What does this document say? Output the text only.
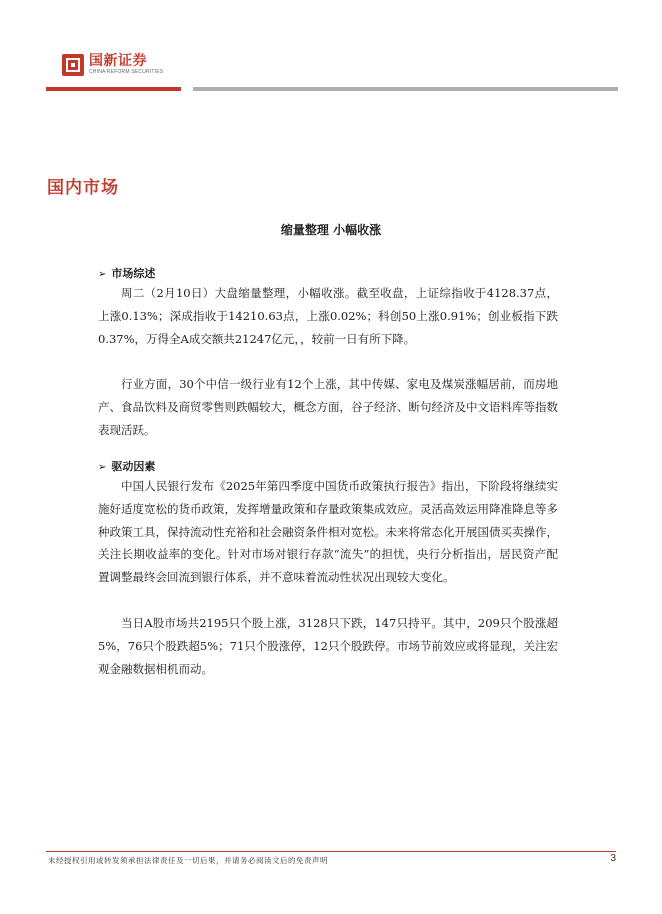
国新证券
CHINA REFORM SECURITIES
国内市场
缩量整理 小幅收涨
➢ 市场综述

周二（2月10日）大盘缩量整理，小幅收涨。截至收盘，上证综指收于4128.37点，上涨0.13%；深成指收于14210.63点，上涨0.02%；科创50上涨0.91%；创业板指下跌0.37%，万得全A成交额共21247亿元，，较前一日有所下降。

行业方面，30个中信一级行业有12个上涨，其中传媒、家电及煤炭涨幅居前，而房地产、食品饮料及商贸零售则跌幅较大，概念方面，谷子经济、断句经济及中文语料库等指数表现活跃。

➢ 驱动因素

中国人民银行发布《2025年第四季度中国货币政策执行报告》指出，下阶段将继续实施好适度宽松的货币政策，发挥增量政策和存量政策集成效应。灵活高效运用降准降息等多种政策工具，保持流动性充裕和社会融资条件相对宽松。未来将常态化开展国债买卖操作，关注长期收益率的变化。针对市场对银行存款“流失”的担忧，央行分析指出，居民资产配置调整最终会回流到银行体系，并不意味着流动性状况出现较大变化。

当日A股市场共2195只个股上涨，3128只下跌，147只持平。其中，209只个股涨超5%，76只个股跌超5%；71只个股涨停，12只个股跌停。市场节前效应或将显现，关注宏观金融数据相机而动。

未经授权引用或转发须承担法律责任及一切后果，并请务必阅读文后的免责声明	3
